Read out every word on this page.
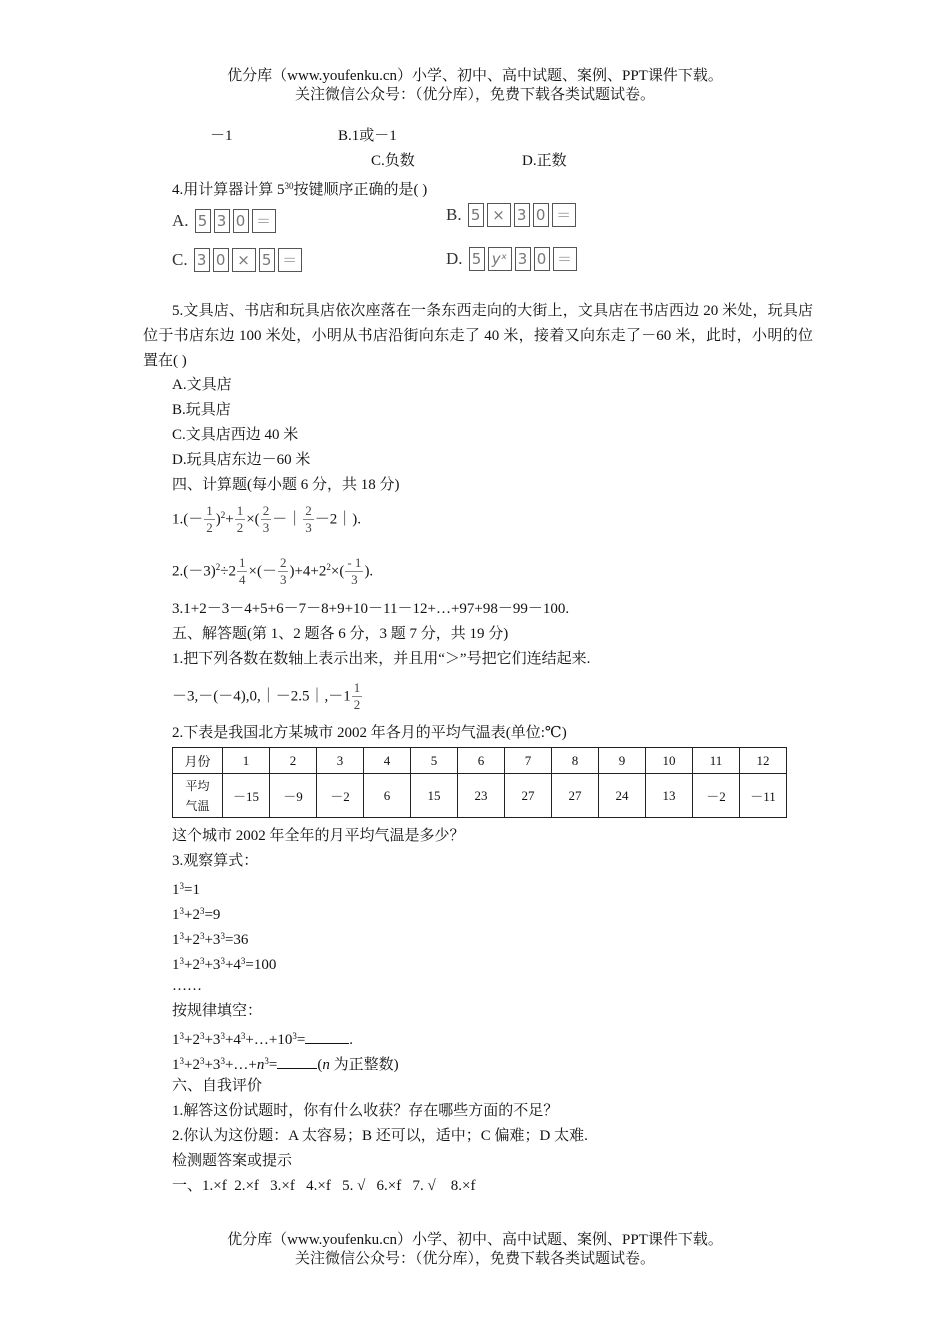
优分库（www.youfenku.cn）小学、初中、高中试题、案例、PPT课件下载。
关注微信公众号：（优分库），免费下载各类试题试卷。
－1	B.1或－1
C.负数	D.正数
4.用计算器计算 $5^{30}$按键顺序正确的是( )
A. 5 3 0 ＝	B. 5 × 3 0 ＝
C. 3 0 × 5 ＝	D. 5 yˣ 3 0 ＝
5.文具店、书店和玩具店依次座落在一条东西走向的大街上，文具店在书店西边 20 米处，玩具店位于书店东边 100 米处，小明从书店沿街向东走了 40 米，接着又向东走了－60 米，此时，小明的位置在( )
A.文具店
B.玩具店
C.文具店西边 40 米
D.玩具店东边－60 米
四、计算题(每小题 6 分，共 18 分)
$1.(- \frac{1}{2} )^2+ \frac{1}{2}$ ×( $\frac{2}{3}$ －｜ $\frac{2}{3}$ －2｜).
$2.(-3)^2\div 2 \frac{1}{4}$ ×(－ $\frac{2}{3} )+4+2^2\times( \frac{- 1}{3}$ ).
3.1+2－3－4+5+6－7－8+9+10－11－12+…+97+98－99－100.
五、解答题(第 1、2 题各 6 分，3 题 7 分，共 19 分)
1.把下列各数在数轴上表示出来，并且用“＞”号把它们连结起来.
－3,－(－4),0,｜－2.5｜,－1 $\frac{1}{2}$
2.下表是我国北方某城市 2002 年各月的平均气温表(单位:℃)
月份	1	2	3	4	5	6	7	8	9	10	11	12
平均
气温	－15	－9	－2	6	15	23	27	27	24	13	－2	－11
这个城市 2002 年全年的月平均气温是多少？
3.观察算式：
$1^3=1$
$1^3+2^3=9$
$1^3+2^3+3^3=36$
$1^3+2^3+3^3+4^3=100$
……
按规律填空：
$1^3+2^3+3^3+4^3+\dots+10^3=$	.
$1^3+2^3+3^3+\dots+n^3=$	(n 为正整数)
六、自我评价
1.解答这份试题时，你有什么收获？存在哪些方面的不足？
2.你认为这份题：A 太容易；B 还可以，适中；C 偏难；D 太难.
检测题答案或提示
一、1.×f  2.×f   3.×f   4.×f   5. √   6.×f   7. √    8.×f
优分库（www.youfenku.cn）小学、初中、高中试题、案例、PPT课件下载。
关注微信公众号：（优分库），免费下载各类试题试卷。
